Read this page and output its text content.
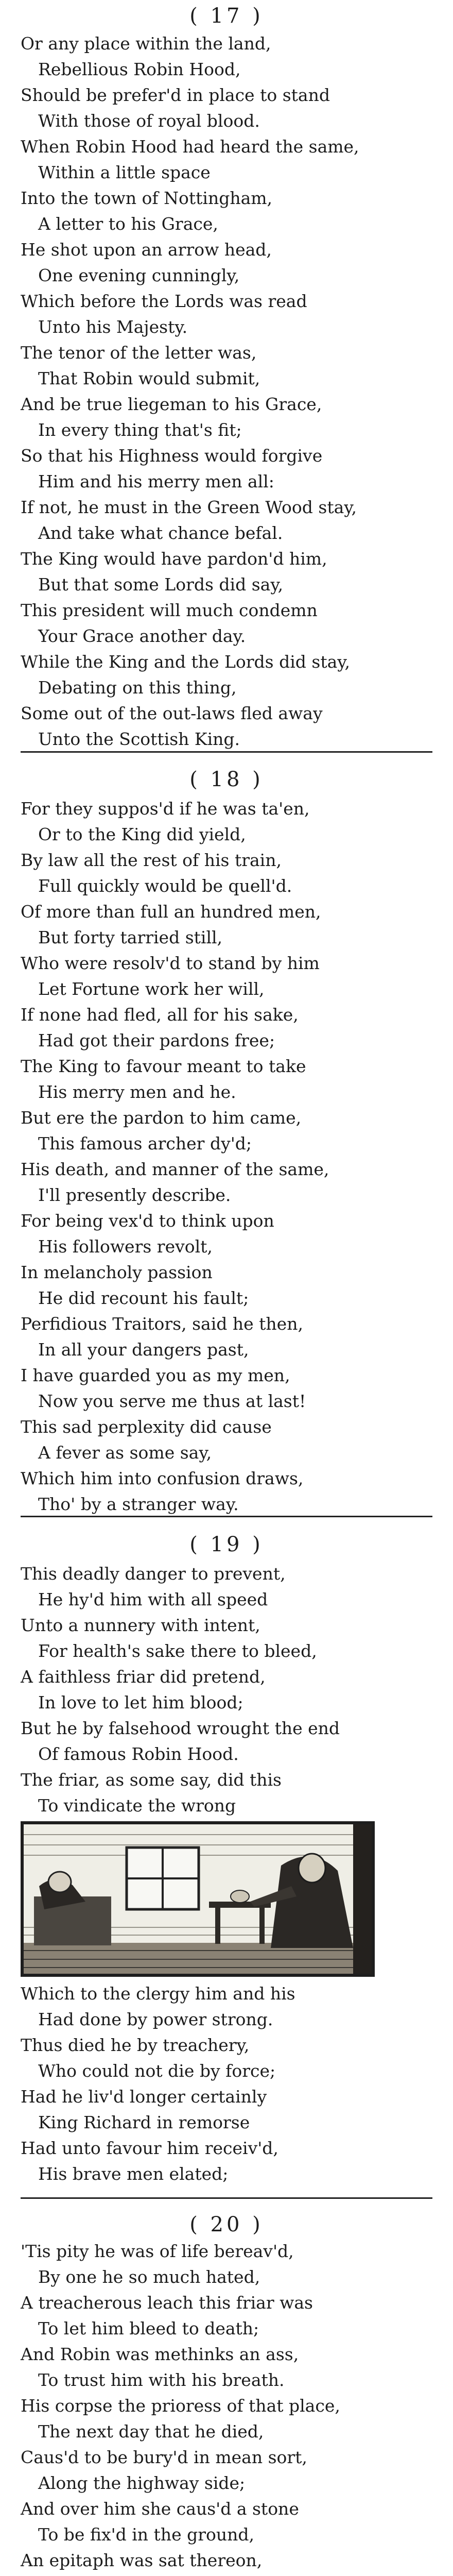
( 17 )
Or any place within the land,
Rebellious Robin Hood,
Should be prefer'd in place to stand
With those of royal blood.
When Robin Hood had heard the same,
Within a little space
Into the town of Nottingham,
A letter to his Grace,
He shot upon an arrow head,
One evening cunningly,
Which before the Lords was read
Unto his Majesty.
The tenor of the letter was,
That Robin would submit,
And be true liegeman to his Grace,
In every thing that's fit;
So that his Highness would forgive
Him and his merry men all:
If not, he must in the Green Wood stay,
And take what chance befal.
The King would have pardon'd him,
But that some Lords did say,
This president will much condemn
Your Grace another day.
While the King and the Lords did stay,
Debating on this thing,
Some out of the out-laws fled away
Unto the Scottish King.
( 18 )
For they suppos'd if he was ta'en,
Or to the King did yield,
By law all the rest of his train,
Full quickly would be quell'd.
Of more than full an hundred men,
But forty tarried still,
Who were resolv'd to stand by him
Let Fortune work her will,
If none had fled, all for his sake,
Had got their pardons free;
The King to favour meant to take
His merry men and he.
But ere the pardon to him came,
This famous archer dy'd;
His death, and manner of the same,
I'll presently describe.
For being vex'd to think upon
His followers revolt,
In melancholy passion
He did recount his fault;
Perfidious Traitors, said he then,
In all your dangers past,
I have guarded you as my men,
Now you serve me thus at last!
This sad perplexity did cause
A fever as some say,
Which him into confusion draws,
Tho' by a stranger way.
( 19 )
This deadly danger to prevent,
He hy'd him with all speed
Unto a nunnery with intent,
For health's sake there to bleed,
A faithless friar did pretend,
In love to let him blood;
But he by falsehood wrought the end
Of famous Robin Hood.
The friar, as some say, did this
To vindicate the wrong
Which to the clergy him and his
Had done by power strong.
Thus died he by treachery,
Who could not die by force;
Had he liv'd longer certainly
King Richard in remorse
Had unto favour him receiv'd,
His brave men elated;
( 20 )
'Tis pity he was of life bereav'd,
By one he so much hated,
A treacherous leach this friar was
To let him bleed to death;
And Robin was methinks an ass,
To trust him with his breath.
His corpse the prioress of that place,
The next day that he died,
Caus'd to be bury'd in mean sort,
Along the highway side;
And over him she caus'd a stone
To be fix'd in the ground,
An epitaph was sat thereon,
